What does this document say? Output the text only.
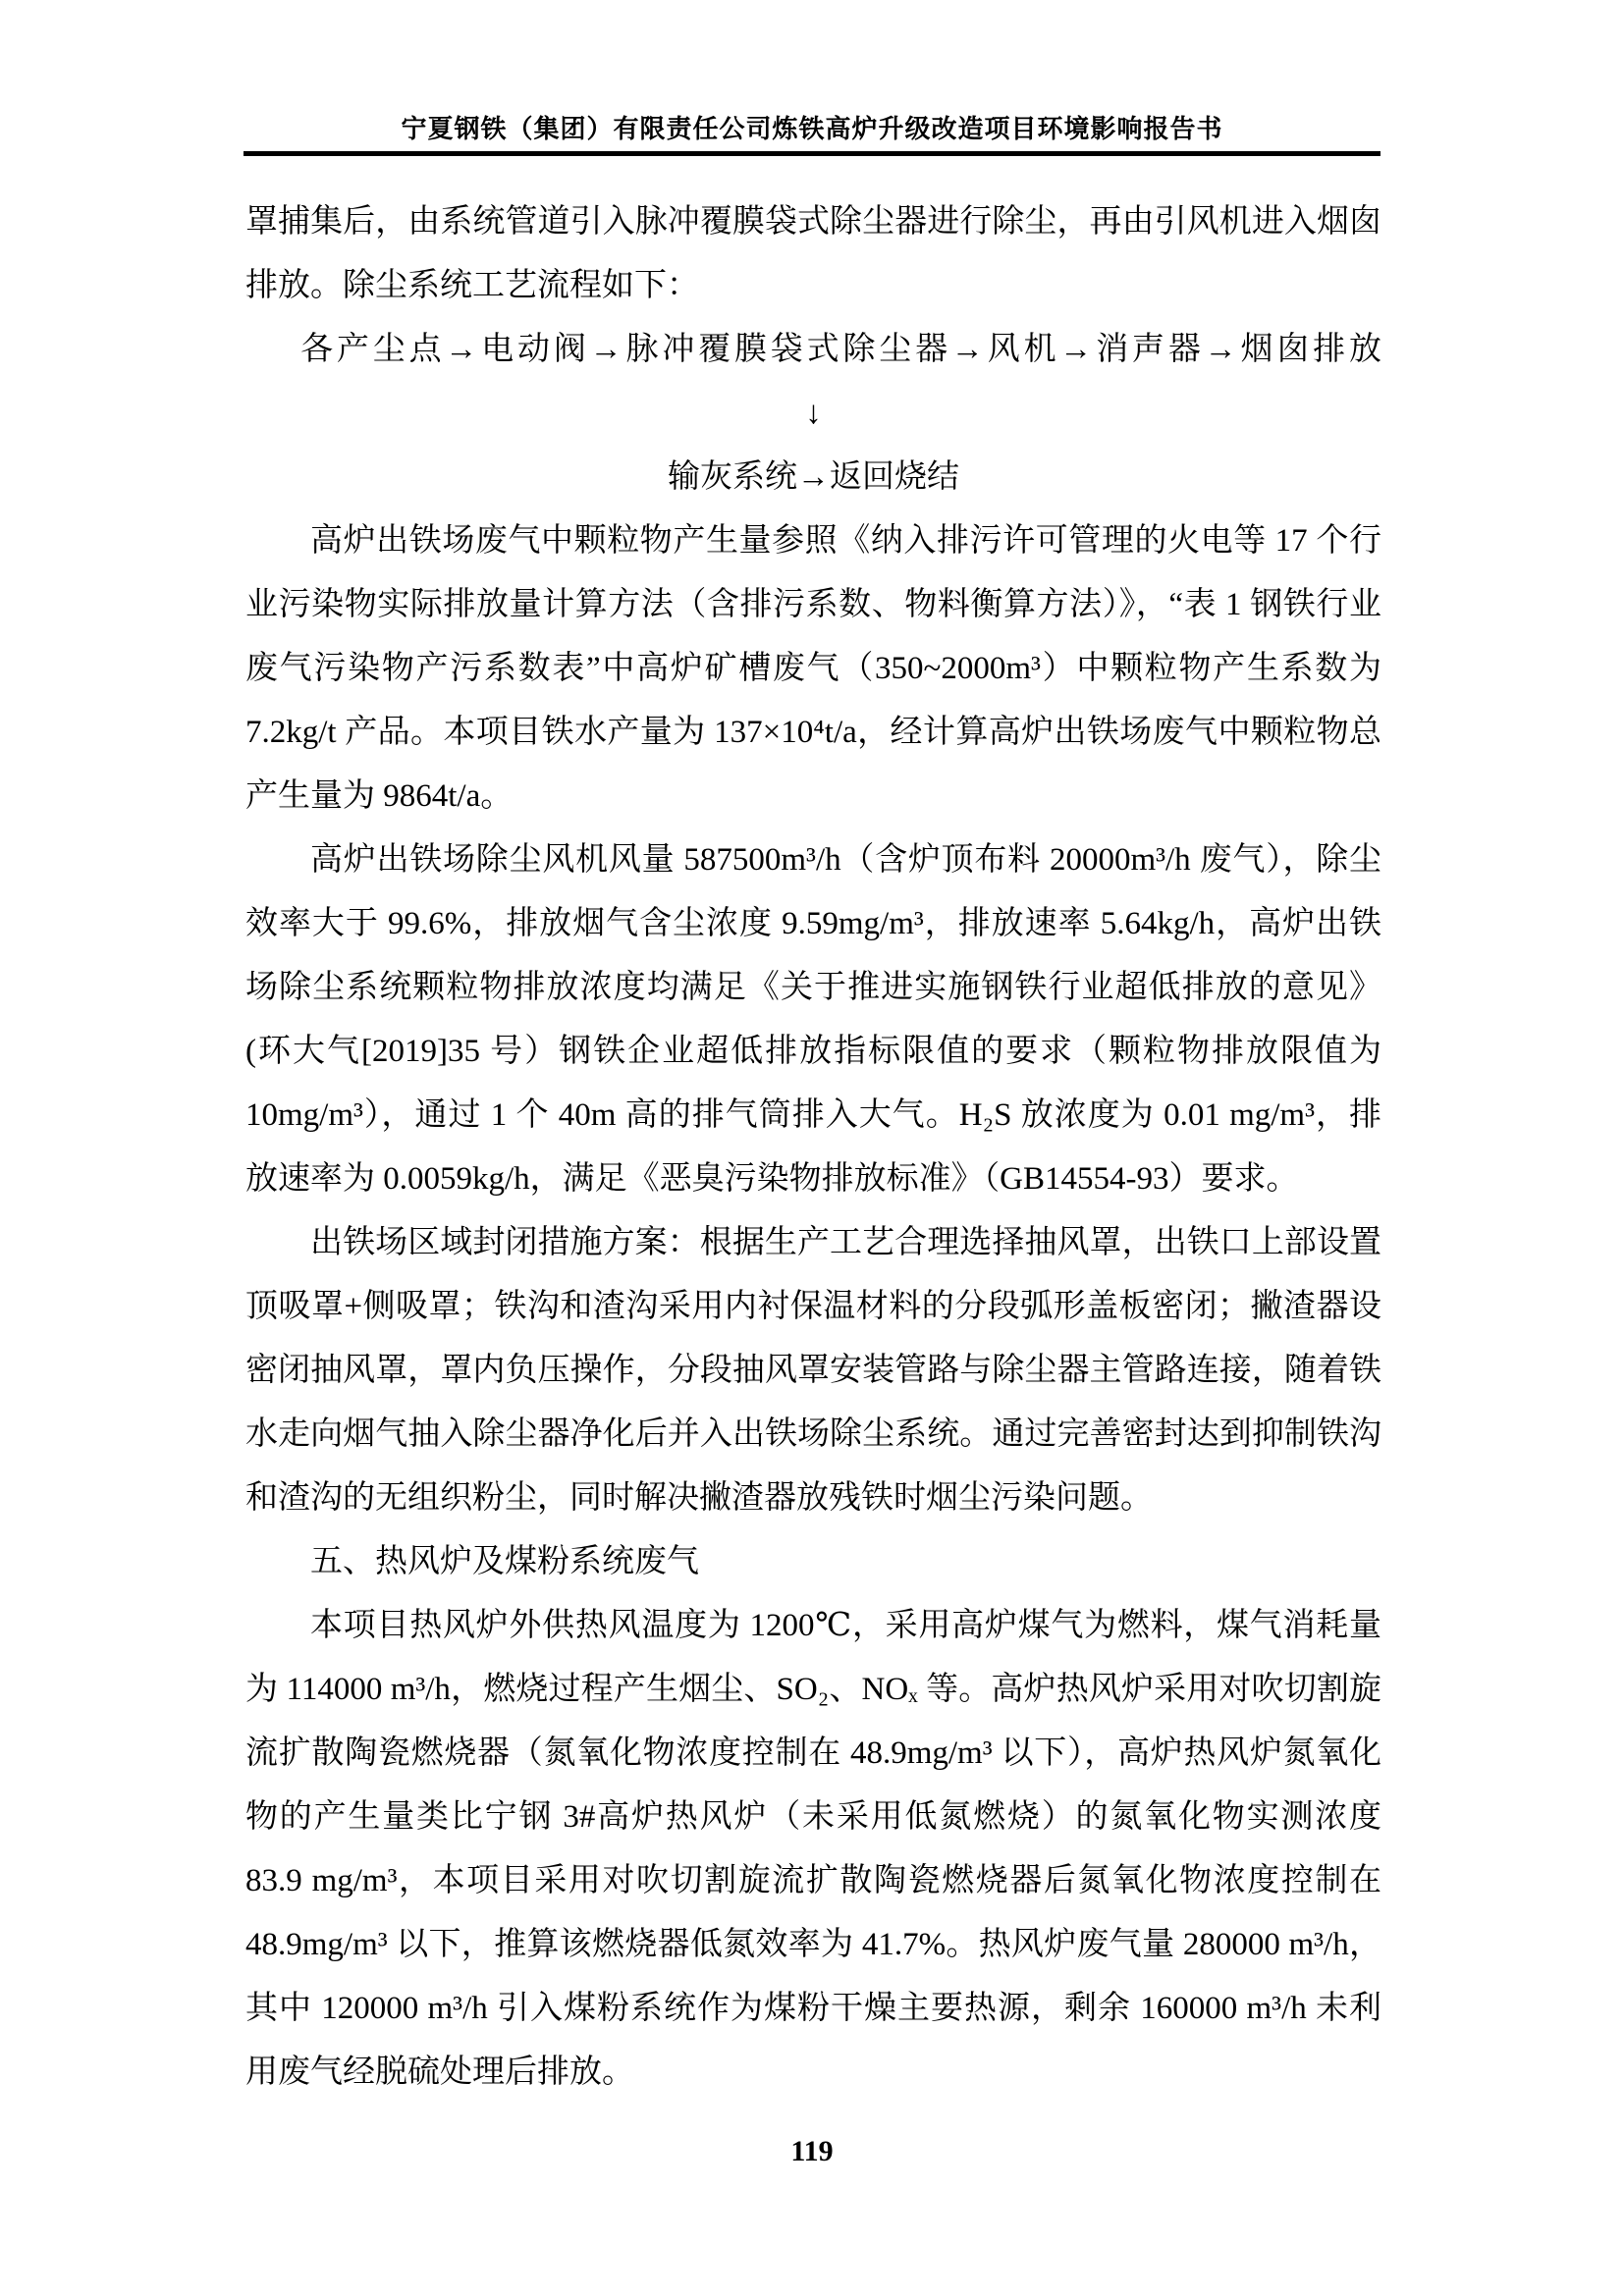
宁夏钢铁（集团）有限责任公司炼铁高炉升级改造项目环境影响报告书

罩捕集后，由系统管道引入脉冲覆膜袋式除尘器进行除尘，再由引风机进入烟囱排放。除尘系统工艺流程如下：

各产尘点→电动阀→脉冲覆膜袋式除尘器→风机→消声器→烟囱排放
↓
输灰系统→返回烧结

高炉出铁场废气中颗粒物产生量参照《纳入排污许可管理的火电等 17 个行业污染物实际排放量计算方法（含排污系数、物料衡算方法）》，“表 1 钢铁行业废气污染物产污系数表”中高炉矿槽废气（350~2000m³）中颗粒物产生系数为 7.2kg/t 产品。本项目铁水产量为 137×10⁴t/a，经计算高炉出铁场废气中颗粒物总产生量为 9864t/a。

高炉出铁场除尘风机风量 587500m³/h（含炉顶布料 20000m³/h 废气），除尘效率大于 99.6%，排放烟气含尘浓度 9.59mg/m³，排放速率 5.64kg/h，高炉出铁场除尘系统颗粒物排放浓度均满足《关于推进实施钢铁行业超低排放的意见》(环大气[2019]35 号）钢铁企业超低排放指标限值的要求（颗粒物排放限值为 10mg/m³），通过 1 个 40m 高的排气筒排入大气。H₂S 放浓度为 0.01 mg/m³，排放速率为 0.0059kg/h，满足《恶臭污染物排放标准》（GB14554-93）要求。

出铁场区域封闭措施方案：根据生产工艺合理选择抽风罩，出铁口上部设置顶吸罩+侧吸罩；铁沟和渣沟采用内衬保温材料的分段弧形盖板密闭；撇渣器设密闭抽风罩，罩内负压操作，分段抽风罩安装管路与除尘器主管路连接，随着铁水走向烟气抽入除尘器净化后并入出铁场除尘系统。通过完善密封达到抑制铁沟和渣沟的无组织粉尘，同时解决撇渣器放残铁时烟尘污染问题。

五、热风炉及煤粉系统废气

本项目热风炉外供热风温度为 1200℃，采用高炉煤气为燃料，煤气消耗量为 114000 m³/h，燃烧过程产生烟尘、SO₂、NOₓ 等。高炉热风炉采用对吹切割旋流扩散陶瓷燃烧器（氮氧化物浓度控制在 48.9mg/m³ 以下），高炉热风炉氮氧化物的产生量类比宁钢 3#高炉热风炉（未采用低氮燃烧）的氮氧化物实测浓度 83.9 mg/m³，本项目采用对吹切割旋流扩散陶瓷燃烧器后氮氧化物浓度控制在 48.9mg/m³ 以下，推算该燃烧器低氮效率为 41.7%。热风炉废气量 280000 m³/h，其中 120000 m³/h 引入煤粉系统作为煤粉干燥主要热源，剩余 160000 m³/h 未利用废气经脱硫处理后排放。

119
